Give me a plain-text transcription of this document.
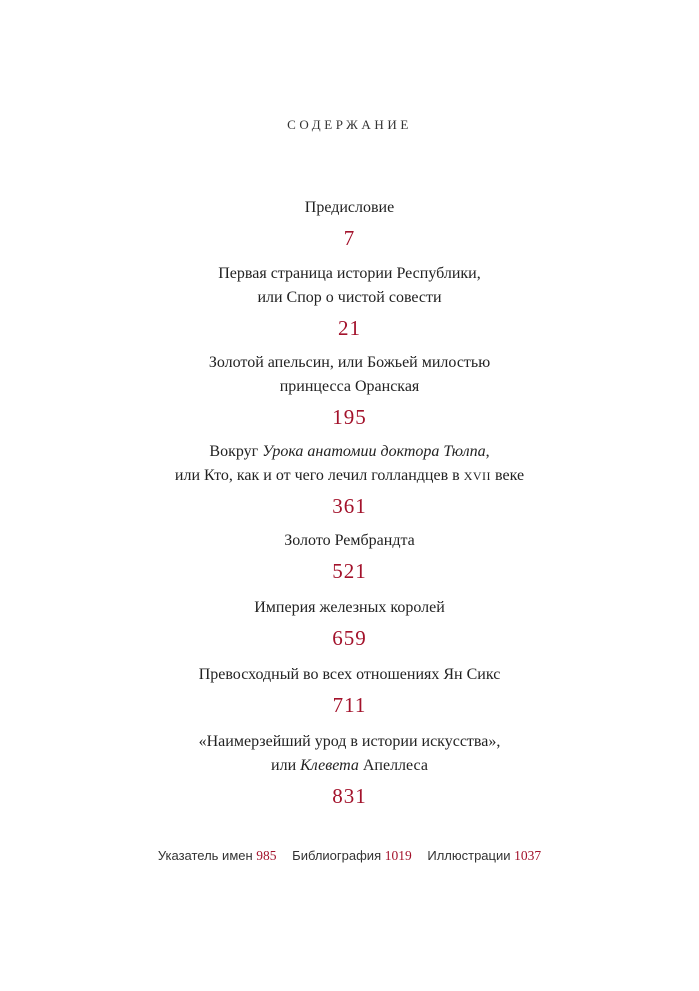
СОДЕРЖАНИЕ
Предисловие
7
Первая страница истории Республики,
или Спор о чистой совести
21
Золотой апельсин, или Божьей милостью
принцесса Оранская
195
Вокруг Урока анатомии доктора Тюлпа,
или Кто, как и от чего лечил голландцев в XVII веке
361
Золото Рембрандта
521
Империя железных королей
659
Превосходный во всех отношениях Ян Сикс
711
«Наимерзейший урод в истории искусства»,
или Клевета Апеллеса
831
Указатель имен 985 Библиография 1019 Иллюстрации 1037
